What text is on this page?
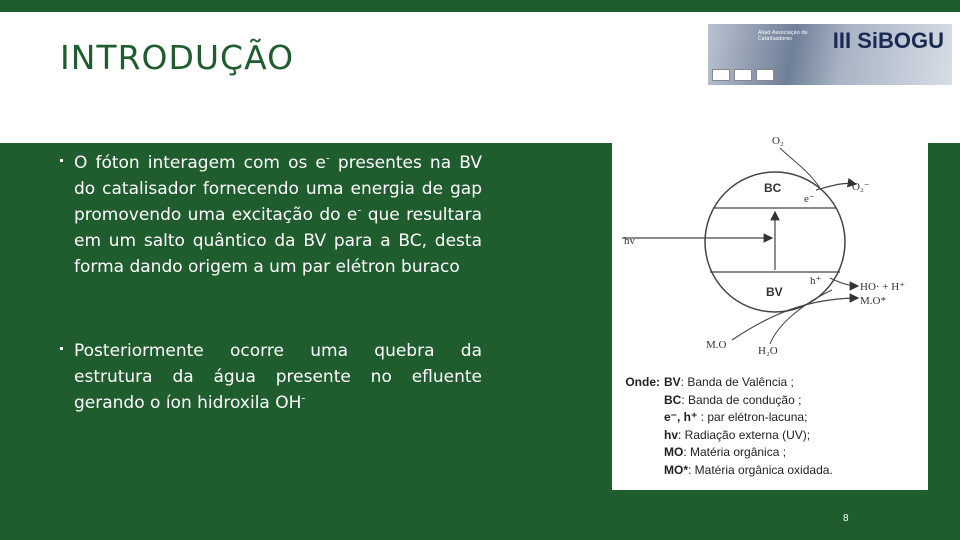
INTRODUÇÃO
Aliad Associação de Catalisadores	III SiBOGU
O fóton interagem com os e- presentes na BV do catalisador fornecendo uma energia de gap promovendo uma excitação do e- que resultara em um salto quântico da BV para a BC, desta forma dando origem a um par elétron buraco
Posteriormente ocorre uma quebra da estrutura da água presente no efluente gerando o íon hidroxila OH-
O₂
BC
e⁻
O₂⁻
hv
h⁺
BV	HO· + H⁺
M.O*
M.O	H₂O
Onde: BV: Banda de Valência ;
BC: Banda de condução ;
e⁻, h⁺ : par elétron-lacuna;
hv: Radiação externa (UV);
MO: Matéria orgânica ;
MO*: Matéria orgânica oxidada.
8
